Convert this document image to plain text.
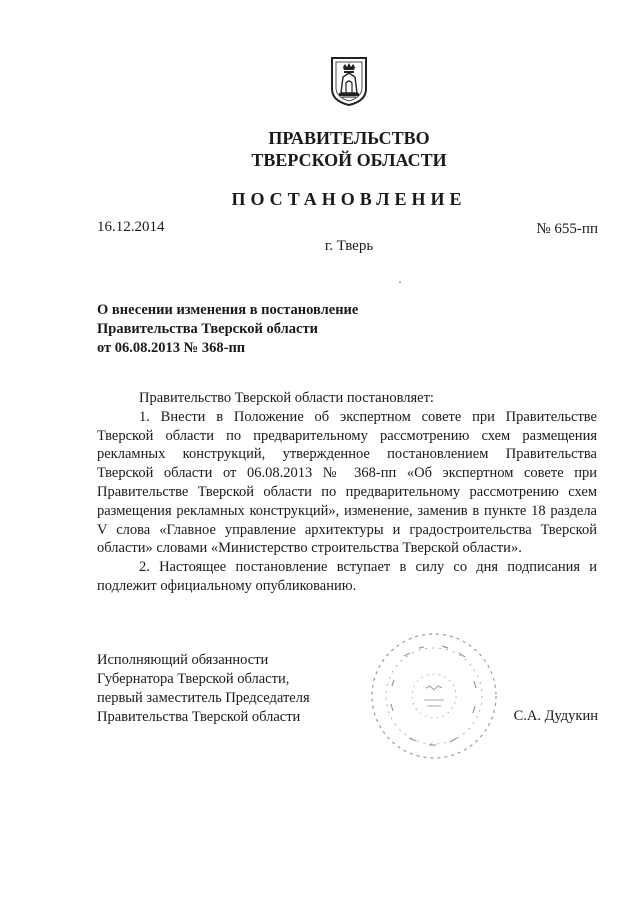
ПРАВИТЕЛЬСТВО
ТВЕРСКОЙ ОБЛАСТИ
ПОСТАНОВЛЕНИЕ
16.12.2014	№ 655-пп
г. Тверь
О внесении изменения в постановление
Правительства Тверской области
от 06.08.2013 № 368-пп

Правительство Тверской области постановляет:

1. Внести в Положение об экспертном совете при Правительстве Тверской области по предварительному рассмотрению схем размещения рекламных конструкций, утвержденное постановлением Правительства Тверской области от 06.08.2013 № 368-пп «Об экспертном совете при Правительстве Тверской области по предварительному рассмотрению схем размещения рекламных конструкций», изменение, заменив в пункте 18 раздела V слова «Главное управление архитектуры и градостроительства Тверской области» словами «Министерство строительства Тверской области».

2. Настоящее постановление вступает в силу со дня подписания и подлежит официальному опубликованию.

Исполняющий обязанности
Губернатора Тверской области,
первый заместитель Председателя
Правительства Тверской области	С.А. Дудукин
